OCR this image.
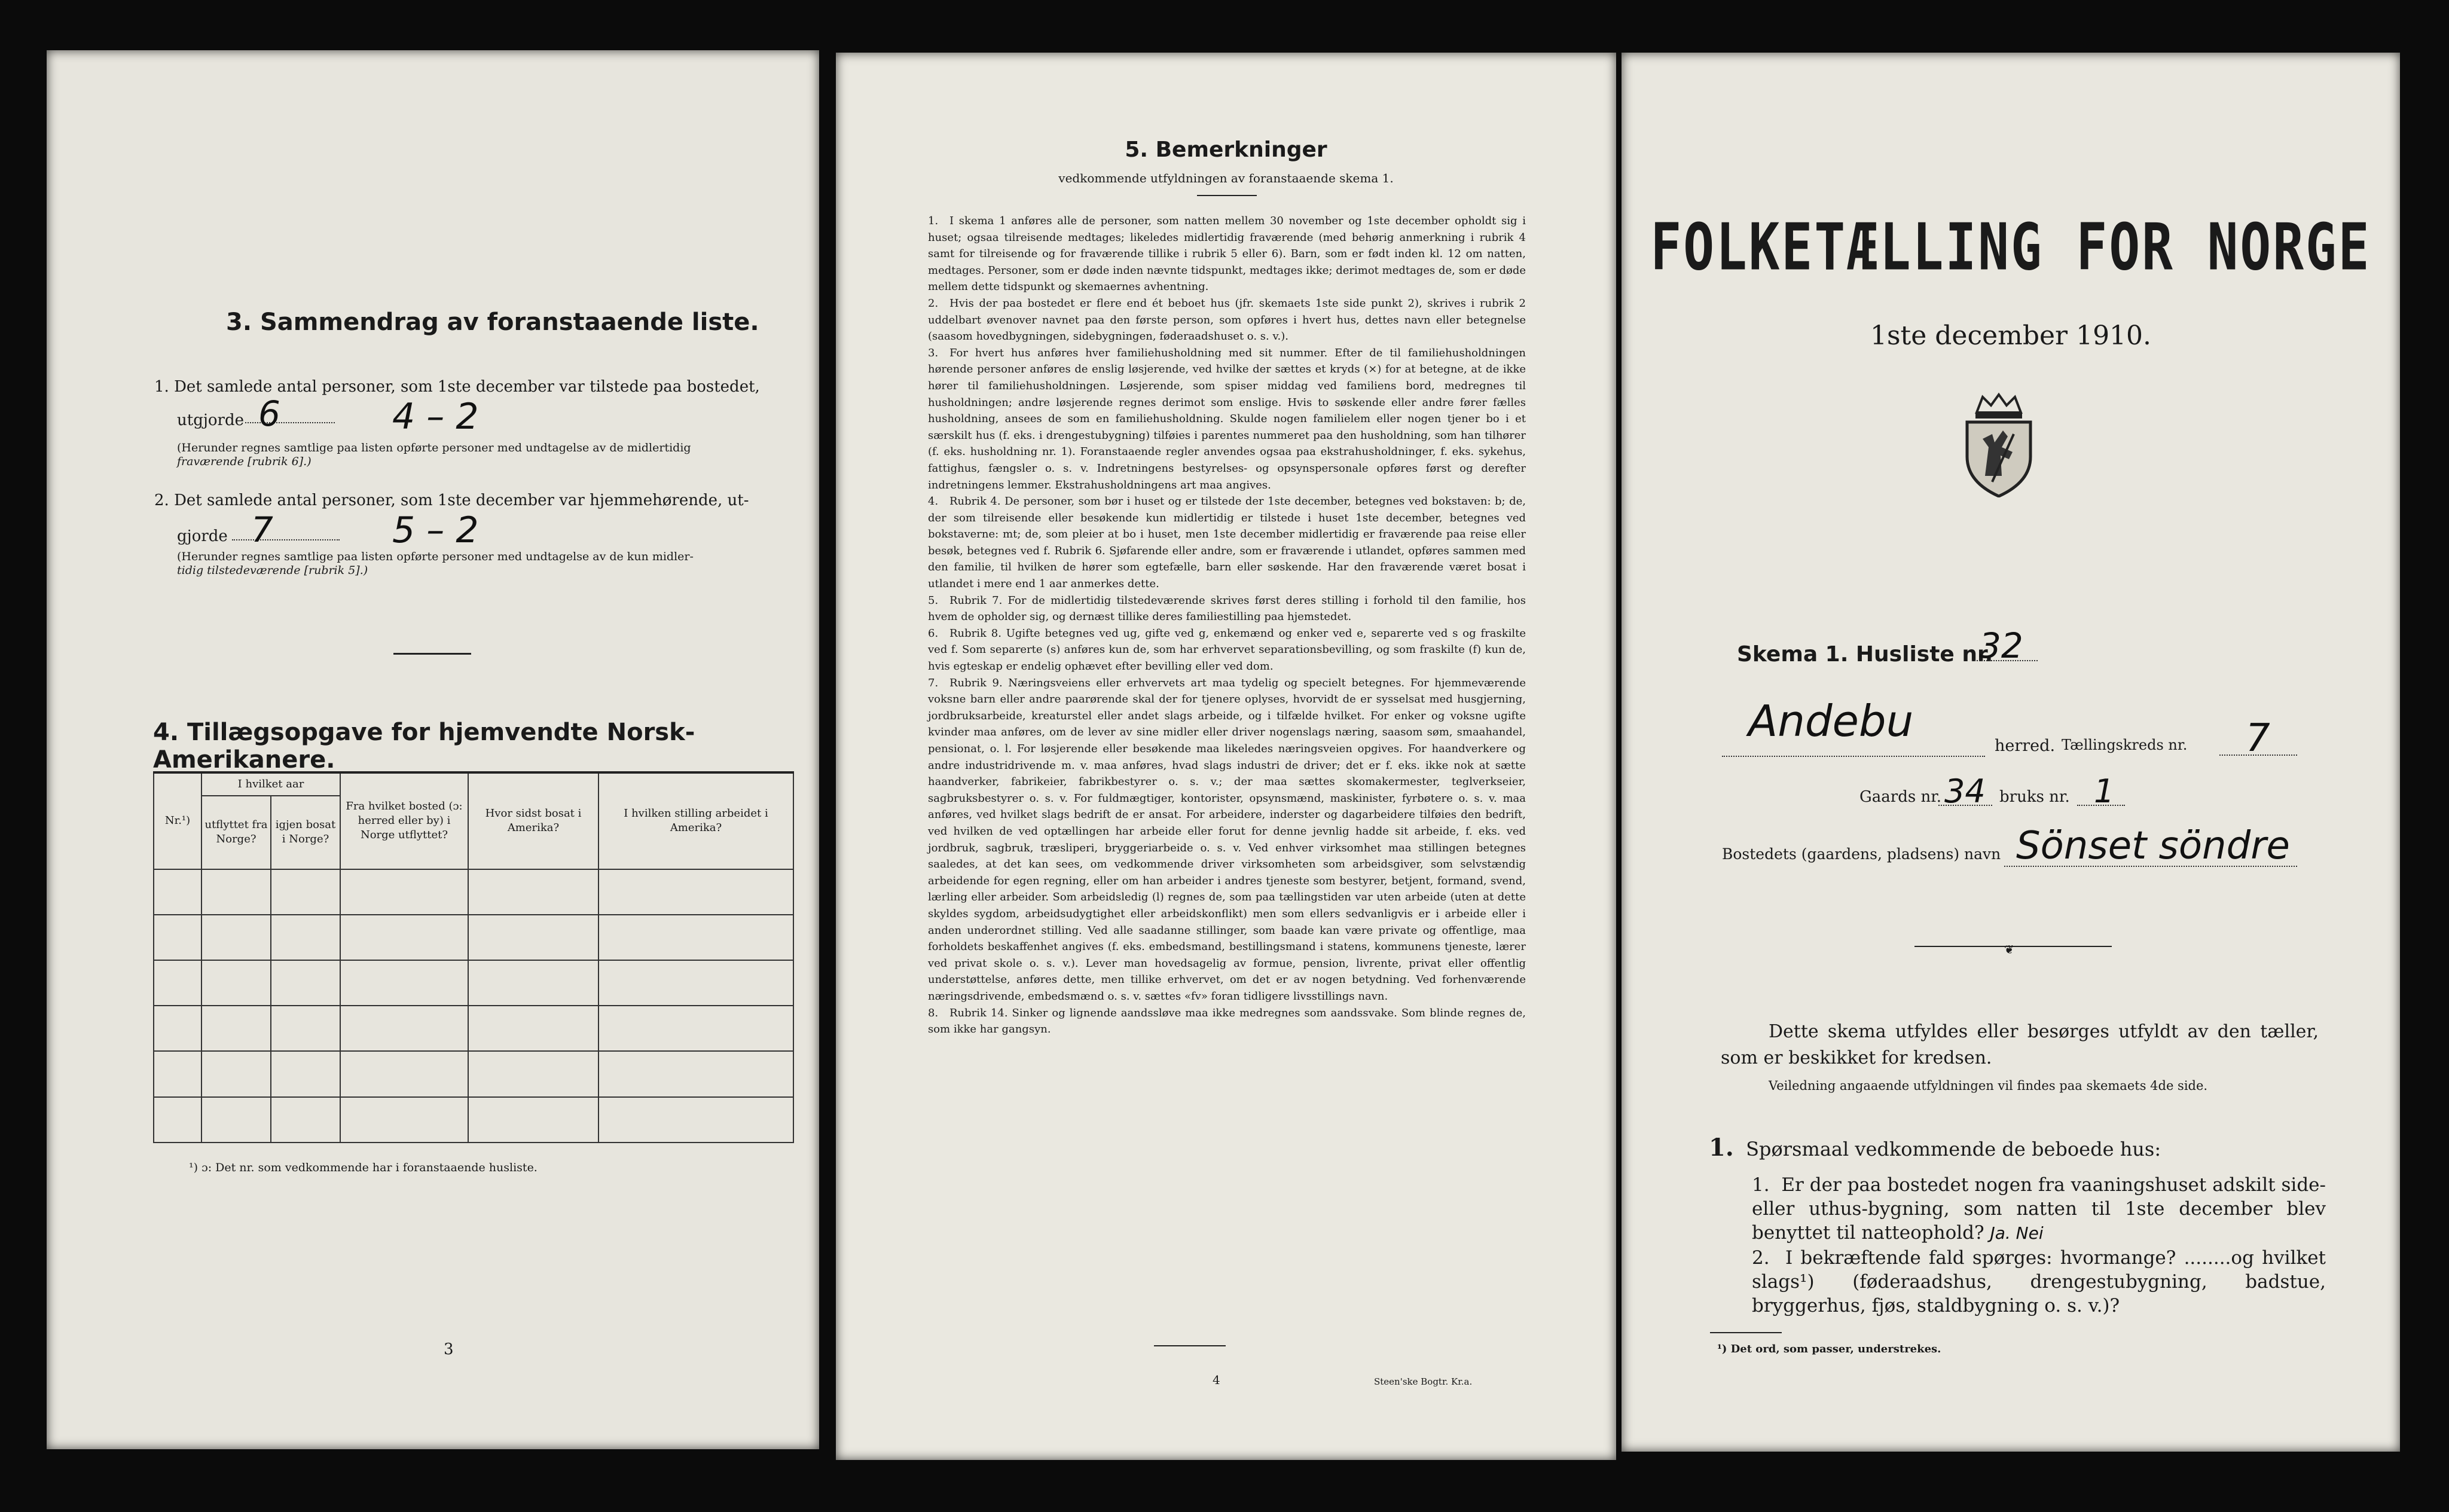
3. Sammendrag av foranstaaende liste.
1. Det samlede antal personer, som 1ste december var tilstede paa bostedet,
utgjorde 6	4 – 2
(Herunder regnes samtlige paa listen opførte personer med undtagelse av de midlertidig
fraværende [rubrik 6].)
2. Det samlede antal personer, som 1ste december var hjemmehørende, ut-
gjorde 7	5 – 2
(Herunder regnes samtlige paa listen opførte personer med undtagelse av de kun midler-
tidig tilstedeværende [rubrik 5].)
4. Tillægsopgave for hjemvendte Norsk-Amerikanere.
Nr.¹)	I hvilket aar		Fra hvilket bosted (ɔ: herred eller by) i Norge utflyttet?	Hvor sidst bosat i Amerika?	I hvilken stilling arbeidet i Amerika?
	utflyttet fra Norge?	igjen bosat i Norge?			

¹) ɔ: Det nr. som vedkommende har i foranstaaende husliste.
3
5. Bemerkninger
vedkommende utfyldningen av foranstaaende skema 1.
1. I skema 1 anføres alle de personer, som natten mellem 30 november og 1ste december opholdt sig i huset; ogsaa tilreisende medtages; likeledes midlertidig fraværende (med behørig anmerkning i rubrik 4 samt for tilreisende og for fraværende tillike i rubrik 5 eller 6). Barn, som er født inden kl. 12 om natten, medtages. Personer, som er døde inden nævnte tidspunkt, medtages ikke; derimot medtages de, som er døde mellem dette tidspunkt og skemaernes avhentning.
2. Hvis der paa bostedet er flere end ét beboet hus (jfr. skemaets 1ste side punkt 2), skrives i rubrik 2 uddelbart øvenover navnet paa den første person, som opføres i hvert hus, dettes navn eller betegnelse (saasom hovedbygningen, sidebygningen, føderaadshuset o. s. v.).
3. For hvert hus anføres hver familiehusholdning med sit nummer. Efter de til familiehusholdningen hørende personer anføres de enslig løsjerende, ved hvilke der sættes et kryds (×) for at betegne, at de ikke hører til familiehusholdningen. Løsjerende, som spiser middag ved familiens bord, medregnes til husholdningen; andre løsjerende regnes derimot som enslige. Hvis to søskende eller andre fører fælles husholdning, ansees de som en familiehusholdning. Skulde nogen familielem eller nogen tjener bo i et særskilt hus (f. eks. i drengestubygning) tilføies i parentes nummeret paa den husholdning, som han tilhører (f. eks. husholdning nr. 1). Foranstaaende regler anvendes ogsaa paa ekstrahusholdninger, f. eks. sykehus, fattighus, fængsler o. s. v. Indretningens bestyrelses- og opsynspersonale opføres først og derefter indretningens lemmer. Ekstrahusholdningens art maa angives.
4. Rubrik 4. De personer, som bør i huset og er tilstede der 1ste december, betegnes ved bokstaven: b; de, der som tilreisende eller besøkende kun midlertidig er tilstede i huset 1ste december, betegnes ved bokstaverne: mt; de, som pleier at bo i huset, men 1ste december midlertidig er fraværende paa reise eller besøk, betegnes ved f. Rubrik 6. Sjøfarende eller andre, som er fraværende i utlandet, opføres sammen med den familie, til hvilken de hører som egtefælle, barn eller søskende. Har den fraværende været bosat i utlandet i mere end 1 aar anmerkes dette.
5. Rubrik 7. For de midlertidig tilstedeværende skrives først deres stilling i forhold til den familie, hos hvem de opholder sig, og dernæst tillike deres familiestilling paa hjemstedet.
6. Rubrik 8. Ugifte betegnes ved ug, gifte ved g, enkemænd og enker ved e, separerte ved s og fraskilte ved f. Som separerte (s) anføres kun de, som har erhvervet separationsbevilling, og som fraskilte (f) kun de, hvis egteskap er endelig ophævet efter bevilling eller ved dom.
7. Rubrik 9. Næringsveiens eller erhvervets art maa tydelig og specielt betegnes. For hjemmeværende voksne barn eller andre paarørende skal der for tjenere oplyses, hvorvidt de er sysselsat med husgjerning, jordbruksarbeide, kreaturstel eller andet slags arbeide, og i tilfælde hvilket. For enker og voksne ugifte kvinder maa anføres, om de lever av sine midler eller driver nogenslags næring, saasom søm, smaahandel, pensionat, o. l. For løsjerende eller besøkende maa likeledes næringsveien opgives. For haandverkere og andre industridrivende m. v. maa anføres, hvad slags industri de driver; det er f. eks. ikke nok at sætte haandverker, fabrikeier, fabrikbestyrer o. s. v.; der maa sættes skomakermester, teglverkseier, sagbruksbestyrer o. s. v. For fuldmægtiger, kontorister, opsynsmænd, maskinister, fyrbøtere o. s. v. maa anføres, ved hvilket slags bedrift de er ansat. For arbeidere, inderster og dagarbeidere tilføies den bedrift, ved hvilken de ved optællingen har arbeide eller forut for denne jevnlig hadde sit arbeide, f. eks. ved jordbruk, sagbruk, træsliperi, bryggeriarbeide o. s. v. Ved enhver virksomhet maa stillingen betegnes saaledes, at det kan sees, om vedkommende driver virksomheten som arbeidsgiver, som selvstændig arbeidende for egen regning, eller om han arbeider i andres tjeneste som bestyrer, betjent, formand, svend, lærling eller arbeider. Som arbeidsledig (l) regnes de, som paa tællingstiden var uten arbeide (uten at dette skyldes sygdom, arbeidsudygtighet eller arbeidskonflikt) men som ellers sedvanligvis er i arbeide eller i anden underordnet stilling. Ved alle saadanne stillinger, som baade kan være private og offentlige, maa forholdets beskaffenhet angives (f. eks. embedsmand, bestillingsmand i statens, kommunens tjeneste, lærer ved privat skole o. s. v.). Lever man hovedsagelig av formue, pension, livrente, privat eller offentlig understøttelse, anføres dette, men tillike erhvervet, om det er av nogen betydning. Ved forhenværende næringsdrivende, embedsmænd o. s. v. sættes «fv» foran tidligere livsstillings navn.
8. Rubrik 14. Sinker og lignende aandssløve maa ikke medregnes som aandssvake. Som blinde regnes de, som ikke har gangsyn.
4	Steen'ske Bogtr. Kr.a.
FOLKETÆLLING FOR NORGE
1ste december 1910.
Skema 1. Husliste nr.
32
Andebu	herred. Tællingskreds nr. 7
Gaards nr. 34 bruks nr. 1
Bostedets (gaardens, pladsens) navn Sönset söndre
❦
Dette skema utfyldes eller besørges utfyldt av den tæller, som er beskikket for kredsen.
Veiledning angaaende utfyldningen vil findes paa skemaets 4de side.
1. Spørsmaal vedkommende de beboede hus:
1.  Er der paa bostedet nogen fra vaaningshuset adskilt side- eller uthus-bygning, som natten til 1ste december blev benyttet til natteophold? Ja. Nei
2.  I bekræftende fald spørges: hvormange? ........og hvilket slags¹) (føderaadshus, drengestubygning, badstue, bryggerhus, fjøs, staldbygning o. s. v.)?
¹) Det ord, som passer, understrekes.
